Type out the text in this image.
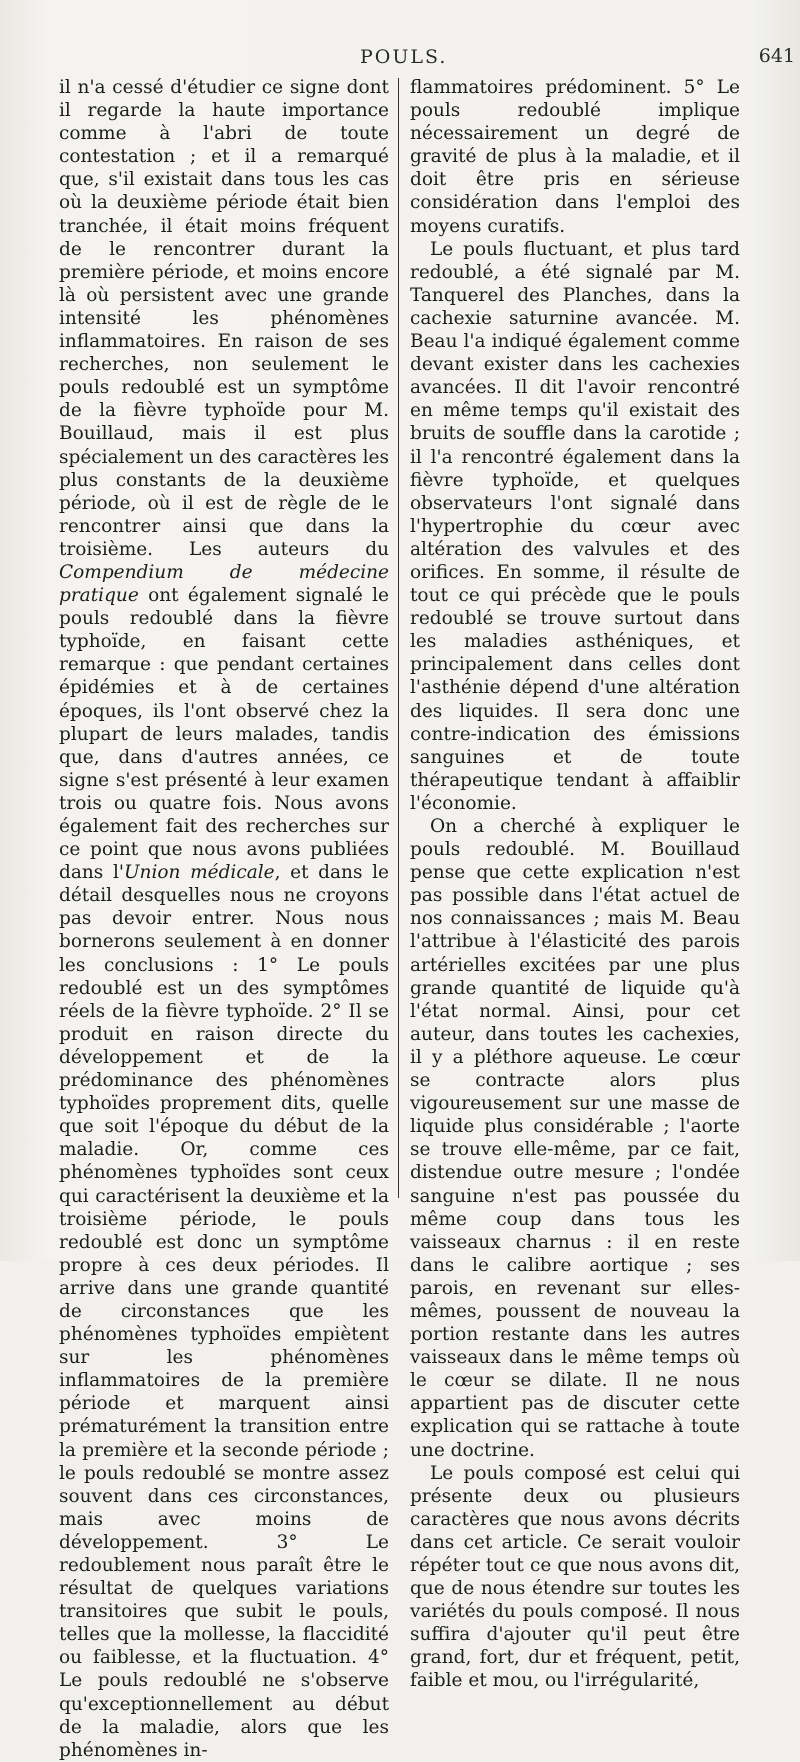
POULS.	641

il n'a cessé d'étudier ce signe dont il regarde la haute importance comme à l'abri de toute contestation ; et il a remarqué que, s'il existait dans tous les cas où la deuxième période était bien tranchée, il était moins fréquent de le rencontrer durant la première période, et moins encore là où persistent avec une grande intensité les phénomènes inflammatoires. En raison de ses recherches, non seulement le pouls redoublé est un symptôme de la fièvre typhoïde pour M. Bouillaud, mais il est plus spécialement un des caractères les plus constants de la deuxième période, où il est de règle de le rencontrer ainsi que dans la troisième. Les auteurs du Compendium de médecine pratique ont également signalé le pouls redoublé dans la fièvre typhoïde, en faisant cette remarque : que pendant certaines épidémies et à de certaines époques, ils l'ont observé chez la plupart de leurs malades, tandis que, dans d'autres années, ce signe s'est présenté à leur examen trois ou quatre fois. Nous avons également fait des recherches sur ce point que nous avons publiées dans l'Union médicale, et dans le détail desquelles nous ne croyons pas devoir entrer. Nous nous bornerons seulement à en donner les conclusions : 1° Le pouls redoublé est un des symptômes réels de la fièvre typhoïde. 2° Il se produit en raison directe du développement et de la prédominance des phénomènes typhoïdes proprement dits, quelle que soit l'époque du début de la maladie. Or, comme ces phénomènes typhoïdes sont ceux qui caractérisent la deuxième et la troisième période, le pouls redoublé est donc un symptôme propre à ces deux périodes. Il arrive dans une grande quantité de circonstances que les phénomènes typhoïdes empiètent sur les phénomènes inflammatoires de la première période et marquent ainsi prématurément la transition entre la première et la seconde période ; le pouls redoublé se montre assez souvent dans ces circonstances, mais avec moins de développement. 3° Le redoublement nous paraît être le résultat de quelques variations transitoires que subit le pouls, telles que la mollesse, la flaccidité ou faiblesse, et la fluctuation. 4° Le pouls redoublé ne s'observe qu'exceptionnellement au début de la maladie, alors que les phénomènes in-

flammatoires prédominent. 5° Le pouls redoublé implique nécessairement un degré de gravité de plus à la maladie, et il doit être pris en sérieuse considération dans l'emploi des moyens curatifs.

Le pouls fluctuant, et plus tard redoublé, a été signalé par M. Tanquerel des Planches, dans la cachexie saturnine avancée. M. Beau l'a indiqué également comme devant exister dans les cachexies avancées. Il dit l'avoir rencontré en même temps qu'il existait des bruits de souffle dans la carotide ; il l'a rencontré également dans la fièvre typhoïde, et quelques observateurs l'ont signalé dans l'hypertrophie du cœur avec altération des valvules et des orifices. En somme, il résulte de tout ce qui précède que le pouls redoublé se trouve surtout dans les maladies asthéniques, et principalement dans celles dont l'asthénie dépend d'une altération des liquides. Il sera donc une contre-indication des émissions sanguines et de toute thérapeutique tendant à affaiblir l'économie.

On a cherché à expliquer le pouls redoublé. M. Bouillaud pense que cette explication n'est pas possible dans l'état actuel de nos connaissances ; mais M. Beau l'attribue à l'élasticité des parois artérielles excitées par une plus grande quantité de liquide qu'à l'état normal. Ainsi, pour cet auteur, dans toutes les cachexies, il y a pléthore aqueuse. Le cœur se contracte alors plus vigoureusement sur une masse de liquide plus considérable ; l'aorte se trouve elle-même, par ce fait, distendue outre mesure ; l'ondée sanguine n'est pas poussée du même coup dans tous les vaisseaux charnus : il en reste dans le calibre aortique ; ses parois, en revenant sur elles-mêmes, poussent de nouveau la portion restante dans les autres vaisseaux dans le même temps où le cœur se dilate. Il ne nous appartient pas de discuter cette explication qui se rattache à toute une doctrine.

Le pouls composé est celui qui présente deux ou plusieurs caractères que nous avons décrits dans cet article. Ce serait vouloir répéter tout ce que nous avons dit, que de nous étendre sur toutes les variétés du pouls composé. Il nous suffira d'ajouter qu'il peut être grand, fort, dur et fréquent, petit, faible et mou, ou l'irrégularité,
